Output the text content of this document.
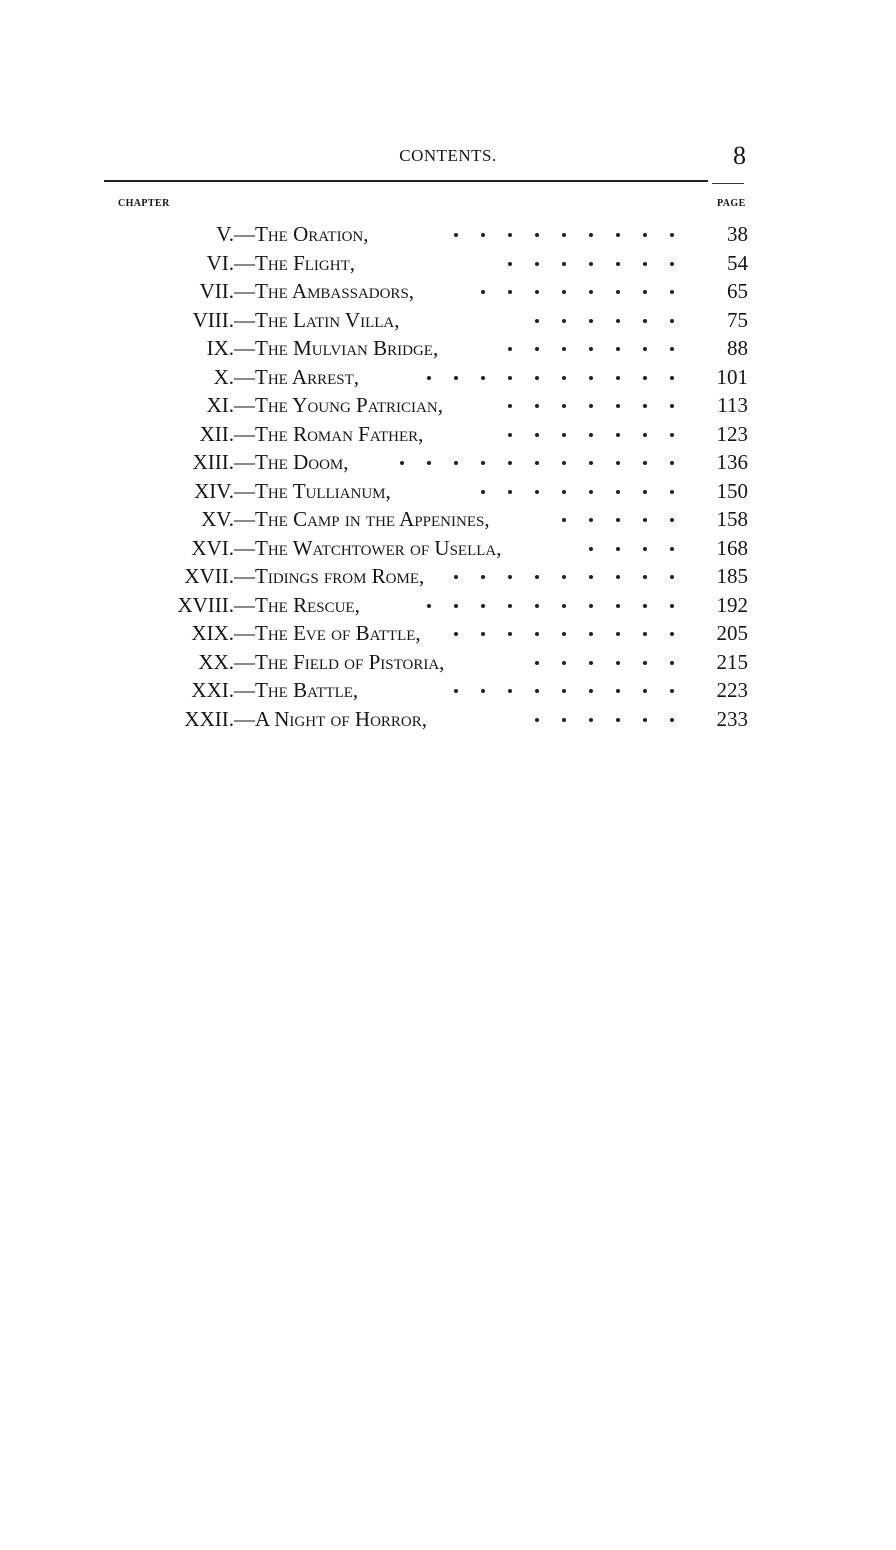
CONTENTS.	8
CHAPTER	PAGE
V. —The Oration,	38
VI. —The Flight,	54
VII. —The Ambassadors,	65
VIII. —The Latin Villa,	75
IX. —The Mulvian Bridge,	88
X. —The Arrest,	101
XI. —The Young Patrician,	113
XII. —The Roman Father,	123
XIII. —The Doom,	136
XIV. —The Tullianum,	150
XV. —The Camp in the Appenines,	158
XVI. —The Watchtower of Usella,	168
XVII. —Tidings from Rome,	185
XVIII. —The Rescue,	192
XIX. —The Eve of Battle,	205
XX. —The Field of Pistoria,	215
XXI. —The Battle,	223
XXII. —A Night of Horror,	233
